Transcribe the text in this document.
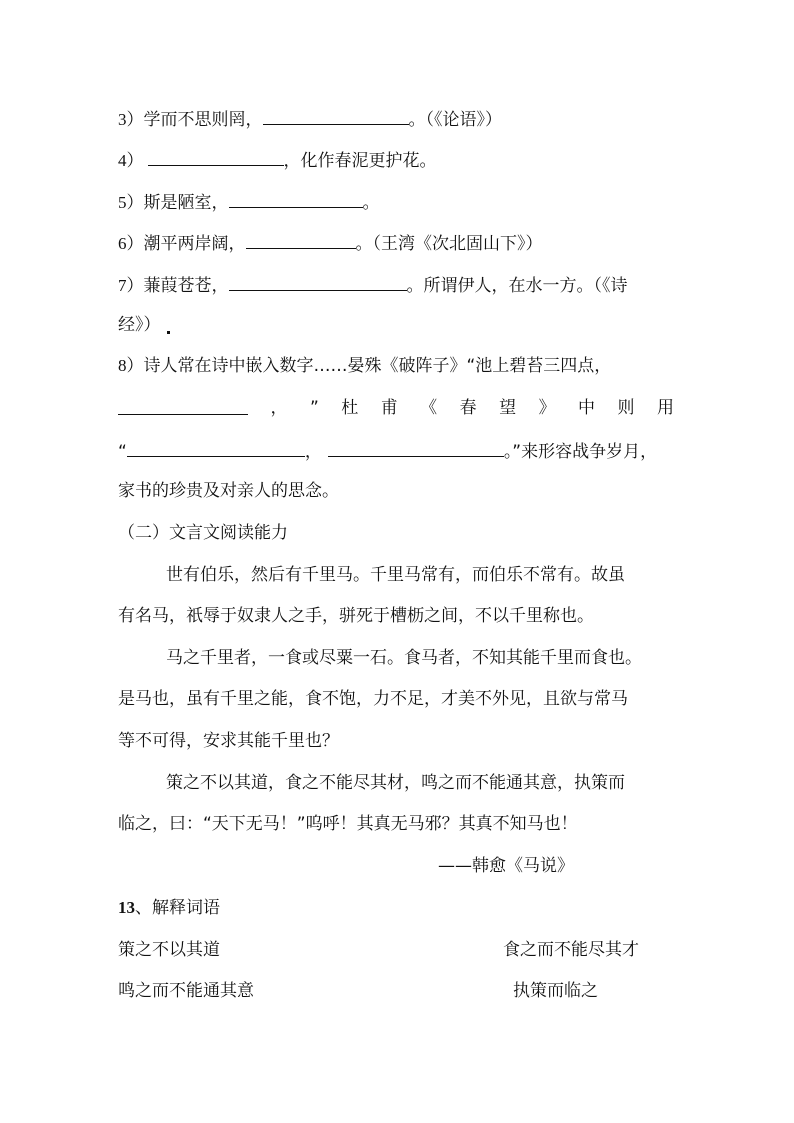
3）学而不思则罔，	。（《论语》）
4）	，化作春泥更护花。
5）斯是陋室，	。
6）潮平两岸阔，	。（王湾《次北固山下》）
7）蒹葭苍苍，	。所谓伊人，在水一方。（《诗
经》）
8）诗人常在诗中嵌入数字……晏殊《破阵子》“池上碧苔三四点，
， ” 杜 甫 《 春 望 》 中 则 用
“	，	。”来形容战争岁月，
家书的珍贵及对亲人的思念。
（二）文言文阅读能力
世有伯乐，然后有千里马。千里马常有，而伯乐不常有。故虽
有名马，祇辱于奴隶人之手，骈死于槽枥之间，不以千里称也。
马之千里者，一食或尽粟一石。食马者，不知其能千里而食也。
是马也，虽有千里之能，食不饱，力不足，才美不外见，且欲与常马
等不可得，安求其能千里也？
策之不以其道，食之不能尽其材，鸣之而不能通其意，执策而
临之，曰：“天下无马！”呜呼！其真无马邪？其真不知马也！
——韩愈《马说》
13、解释词语
策之不以其道	食之而不能尽其才
鸣之而不能通其意	执策而临之
